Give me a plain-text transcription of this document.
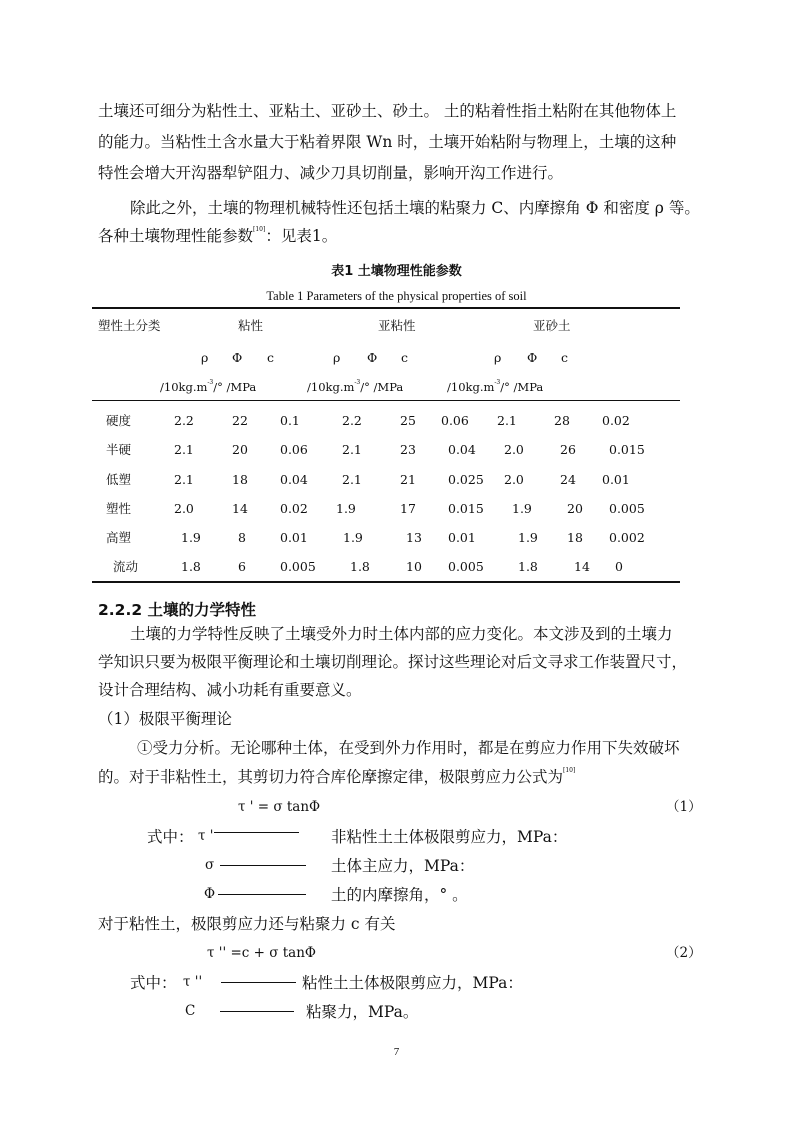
土壤还可细分为粘性土、亚粘土、亚砂土、砂土。 土的粘着性指土粘附在其他物体上
的能力。当粘性土含水量大于粘着界限 Wn 时，土壤开始粘附与物理上，土壤的这种
特性会增大开沟器犁铲阻力、减少刀具切削量，影响开沟工作进行。
除此之外，土壤的物理机械特性还包括土壤的粘聚力 C、内摩擦角 Φ 和密度 ρ 等。
各种土壤物理性能参数[10]：见表1。
表1 土壤物理性能参数
Table 1 Parameters of the physical properties of soil
塑性土分类	粘性	亚粘性	亚砂土
ρ Φ c	ρ Φ c	ρ Φ c
$/10kg.m^{-3}/^\circ$ /MPa	$/10kg.m^{-3}/^\circ$ /MPa	$/10kg.m^{-3}/^\circ$ /MPa
硬度	2.2	22	0.1	2.2	25 0.06 2.1	28	0.02
半硬	2.1	20	0.06	2.1	23	0.04 2.0	26	0.015
低塑	2.1	18	0.04	2.1	21	0.025 2.0	24 0.01
塑性	2.0	14	0.02 1.9	17	0.015 1.9	20 0.005
高塑	1.9	8	0.01	1.9	13 0.01	1.9 18 0.002
流动	1.8	6	0.005	1.8	10 0.005	1.8	14 0
2.2.2 土壤的力学特性
土壤的力学特性反映了土壤受外力时土体内部的应力变化。本文涉及到的土壤力
学知识只要为极限平衡理论和土壤切削理论。探讨这些理论对后文寻求工作装置尺寸，
设计合理结构、减小功耗有重要意义。
（1）极限平衡理论
①受力分析。无论哪种土体，在受到外力作用时，都是在剪应力作用下失效破坏
的。对于非粘性土，其剪切力符合库伦摩擦定律，极限剪应力公式为[10]
τ ' = σ tanΦ	（1）
式中： τ '	非粘性土土体极限剪应力，MPa：
σ	土体主应力，MPa：
Φ	土的内摩擦角，° 。
对于粘性土，极限剪应力还与粘聚力 c 有关
τ '' =c + σ tanΦ	（2）
式中： τ ''	粘性土土体极限剪应力，MPa：
C	粘聚力，MPa。
7
